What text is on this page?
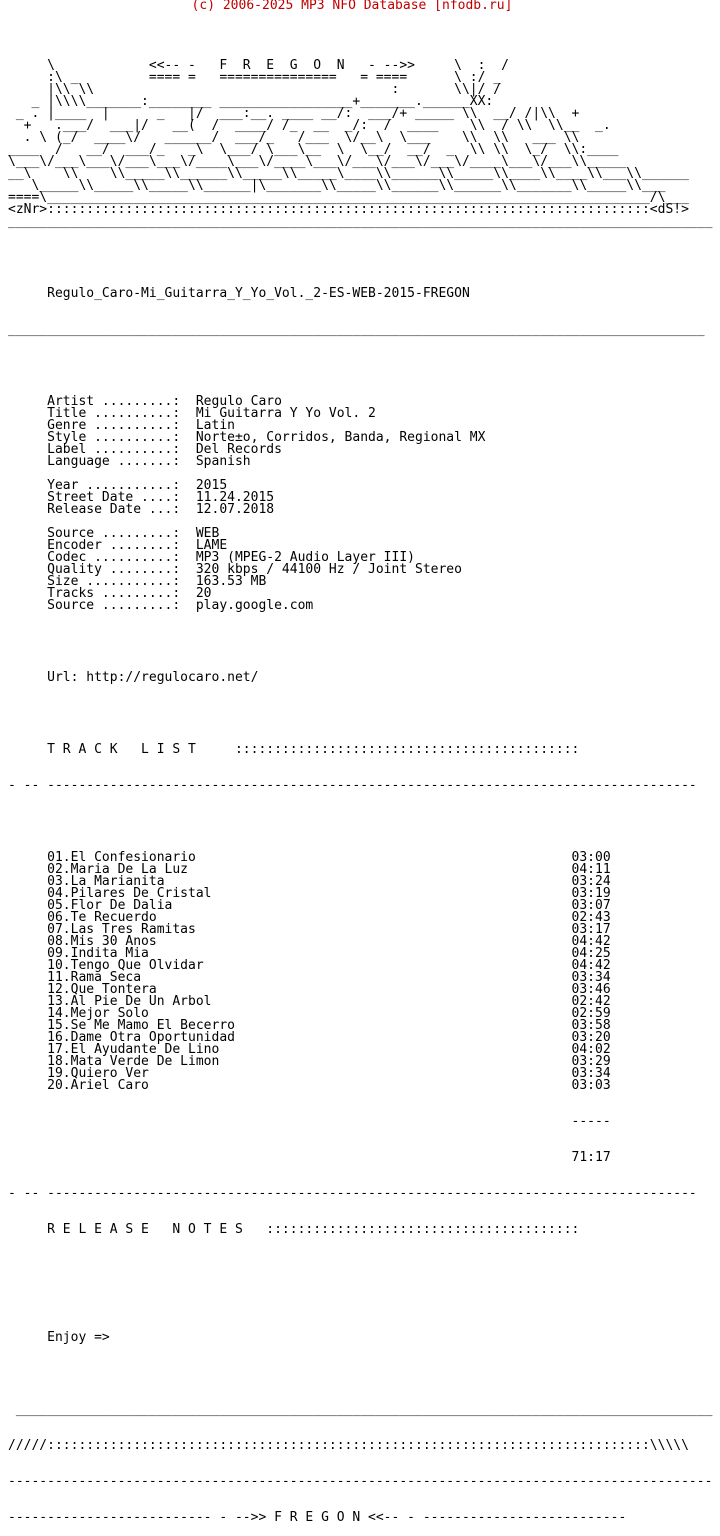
(c) 2006-2025 MP3 NFO Database [nfodb.ru]

\            <<-- -   F  R  E  G  O  N   - -->>     \  :  /
:\ _         ==== =   ===============   = ====      \ :/ _
|\\ \\                                      :       \\|/ /
_ |\\\\_______:________ _________________+_______.______XX:
_ . |____  |      _   |/  ___:__. ____ __/:  ___/+ _____ \\  __/ /|\\  +
+   .___/  ___|/   __(  /  ____/ /_  __  _/:  /  ____    \\  / \\  \\__  _.
. \ (_/  ____\/   ______/  ___/_   /___  \/__\  \___    \\  \\   ___ \\
____  /   __/  ___/_   _\  \___/ \___\__  \  \__/  __/  _  \\ \\  \_/  \\:____
\___\/___\___\/___\___\/____\___\/____\___\/___\/___\/___\/____\___\/___\\_____
__\    \\    \\_____\\______\\_____\\_____\____\\______\\_____\\____\\____\\___\\______
\_____\\_____\\_____\\______|\_______\\_____\\______\\______\\_______\\_____\\___
====\_____________________________________________________________________________/\___
<zNr>:::::::::::::::::::::::::::::::::::::::::::::::::::::::::::::::::::::::::::::<dS!>
__________________________________________________________________________________________

Regulo_Caro-Mi_Guitarra_Y_Yo_Vol._2-ES-WEB-2015-FREGON

_________________________________________________________________________________________

Artist .........:  Regulo Caro
Title ..........:  Mi Guitarra Y Yo Vol. 2
Genre ..........:  Latin
Style ..........:  Norte±o, Corridos, Banda, Regional MX
Label ..........:  Del Records
Language .......:  Spanish

Year ...........:  2015
Street Date ....:  11.24.2015
Release Date ...:  12.07.2018

Source .........:  WEB
Encoder ........:  LAME
Codec ..........:  MP3 (MPEG-2 Audio Layer III)
Quality ........:  320 kbps / 44100 Hz / Joint Stereo
Size ...........:  163.53 MB
Tracks .........:  20
Source .........:  play.google.com

Url: http://regulocaro.net/

T R A C K   L I S T     ::::::::::::::::::::::::::::::::::::::::::::

- -- -----------------------------------------------------------------------------------

01.El Confesionario                                                03:00
02.Maria De La Luz                                                 04:11
03.La Marianita                                                    03:24
04.Pilares De Cristal                                              03:19
05.Flor De Dalia                                                   03:07
06.Te Recuerdo                                                     02:43
07.Las Tres Ramitas                                                03:17
08.Mis 30 Anos                                                     04:42
09.Indita Mia                                                      04:25
10.Tengo Que Olvidar                                               04:42
11.Rama Seca                                                       03:34
12.Que Tontera                                                     03:46
13.Al Pie De Un Arbol                                              02:42
14.Mejor Solo                                                      02:59
15.Se Me Mamo El Becerro                                           03:58
16.Dame Otra Oportunidad                                           03:20
17.El Ayudante De Lino                                             04:02
18.Mata Verde De Limon                                             03:29
19.Quiero Ver                                                      03:34
20.Ariel Caro                                                      03:03

-----

71:17

- -- -----------------------------------------------------------------------------------

R E L E A S E   N O T E S   ::::::::::::::::::::::::::::::::::::::::

Enjoy =>

_________________________________________________________________________________________

/////:::::::::::::::::::::::::::::::::::::::::::::::::::::::::::::::::::::::::::::\\\\\

------------------------------------------------------------------------------------------

-------------------------- - -->> F R E G O N <<-- - --------------------------
